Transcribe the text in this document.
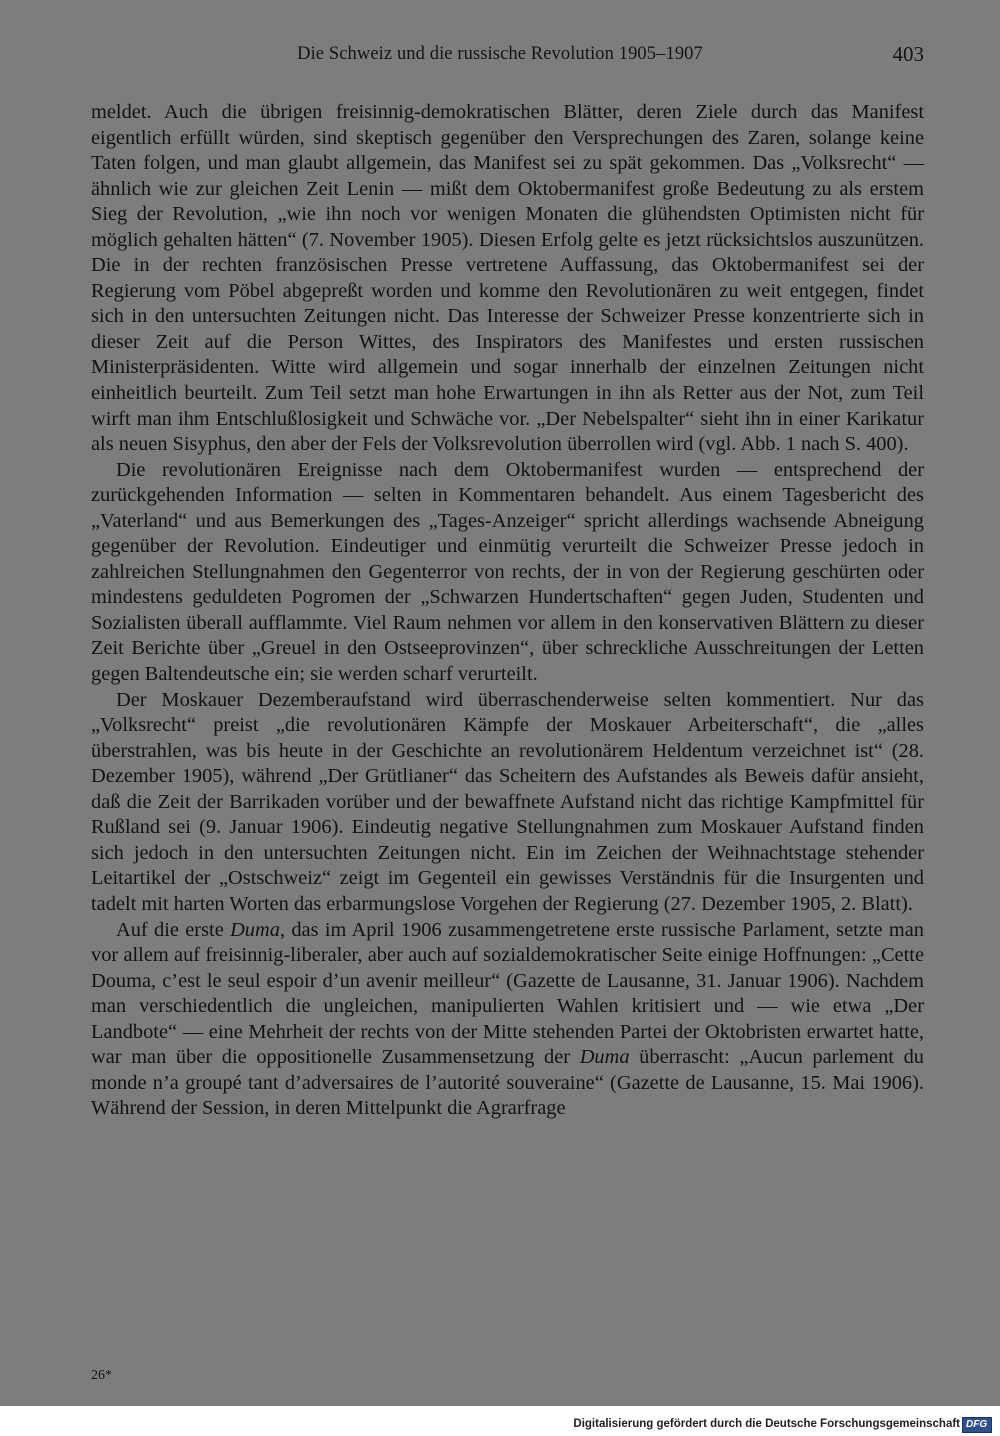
Die Schweiz und die russische Revolution 1905–1907	403

meldet. Auch die übrigen freisinnig-demokratischen Blätter, deren Ziele durch das Manifest eigentlich erfüllt würden, sind skeptisch gegenüber den Versprechungen des Zaren, solange keine Taten folgen, und man glaubt allgemein, das Manifest sei zu spät gekommen. Das „Volksrecht“ — ähnlich wie zur gleichen Zeit Lenin — mißt dem Oktobermanifest große Bedeutung zu als erstem Sieg der Revolution, „wie ihn noch vor wenigen Monaten die glühendsten Optimisten nicht für möglich gehalten hätten“ (7. November 1905). Diesen Erfolg gelte es jetzt rücksichtslos auszunützen. Die in der rechten französischen Presse vertretene Auffassung, das Oktobermanifest sei der Regierung vom Pöbel abgepreßt worden und komme den Revolutionären zu weit entgegen, findet sich in den untersuchten Zeitungen nicht. Das Interesse der Schweizer Presse konzentrierte sich in dieser Zeit auf die Person Wittes, des Inspirators des Manifestes und ersten russischen Ministerpräsidenten. Witte wird allgemein und sogar innerhalb der einzelnen Zeitungen nicht einheitlich beurteilt. Zum Teil setzt man hohe Erwartungen in ihn als Retter aus der Not, zum Teil wirft man ihm Entschlußlosigkeit und Schwäche vor. „Der Nebelspalter“ sieht ihn in einer Karikatur als neuen Sisyphus, den aber der Fels der Volksrevolution überrollen wird (vgl. Abb. 1 nach S. 400).

Die revolutionären Ereignisse nach dem Oktobermanifest wurden — entsprechend der zurückgehenden Information — selten in Kommentaren behandelt. Aus einem Tagesbericht des „Vaterland“ und aus Bemerkungen des „Tages-Anzeiger“ spricht allerdings wachsende Abneigung gegenüber der Revolution. Eindeutiger und einmütig verurteilt die Schweizer Presse jedoch in zahlreichen Stellungnahmen den Gegenterror von rechts, der in von der Regierung geschürten oder mindestens geduldeten Pogromen der „Schwarzen Hundertschaften“ gegen Juden, Studenten und Sozialisten überall aufflammte. Viel Raum nehmen vor allem in den konservativen Blättern zu dieser Zeit Berichte über „Greuel in den Ostseeprovinzen“, über schreckliche Ausschreitungen der Letten gegen Baltendeutsche ein; sie werden scharf verurteilt.

Der Moskauer Dezemberaufstand wird überraschenderweise selten kommentiert. Nur das „Volksrecht“ preist „die revolutionären Kämpfe der Moskauer Arbeiterschaft“, die „alles überstrahlen, was bis heute in der Geschichte an revolutionärem Heldentum verzeichnet ist“ (28. Dezember 1905), während „Der Grütlianer“ das Scheitern des Aufstandes als Beweis dafür ansieht, daß die Zeit der Barrikaden vorüber und der bewaffnete Aufstand nicht das richtige Kampfmittel für Rußland sei (9. Januar 1906). Eindeutig negative Stellungnahmen zum Moskauer Aufstand finden sich jedoch in den untersuchten Zeitungen nicht. Ein im Zeichen der Weihnachtstage stehender Leitartikel der „Ostschweiz“ zeigt im Gegenteil ein gewisses Verständnis für die Insurgenten und tadelt mit harten Worten das erbarmungslose Vorgehen der Regierung (27. Dezember 1905, 2. Blatt).

Auf die erste Duma, das im April 1906 zusammengetretene erste russische Parlament, setzte man vor allem auf freisinnig-liberaler, aber auch auf sozialdemokratischer Seite einige Hoffnungen: „Cette Douma, c’est le seul espoir d’un avenir meilleur“ (Gazette de Lausanne, 31. Januar 1906). Nachdem man verschiedentlich die ungleichen, manipulierten Wahlen kritisiert und — wie etwa „Der Landbote“ — eine Mehrheit der rechts von der Mitte stehenden Partei der Oktobristen erwartet hatte, war man über die oppositionelle Zusammensetzung der Duma überrascht: „Aucun parlement du monde n’a groupé tant d’adversaires de l’autorité souveraine“ (Gazette de Lausanne, 15. Mai 1906). Während der Session, in deren Mittelpunkt die Agrarfrage

26*
Digitalisierung gefördert durch die Deutsche Forschungsgemeinschaft DFG
